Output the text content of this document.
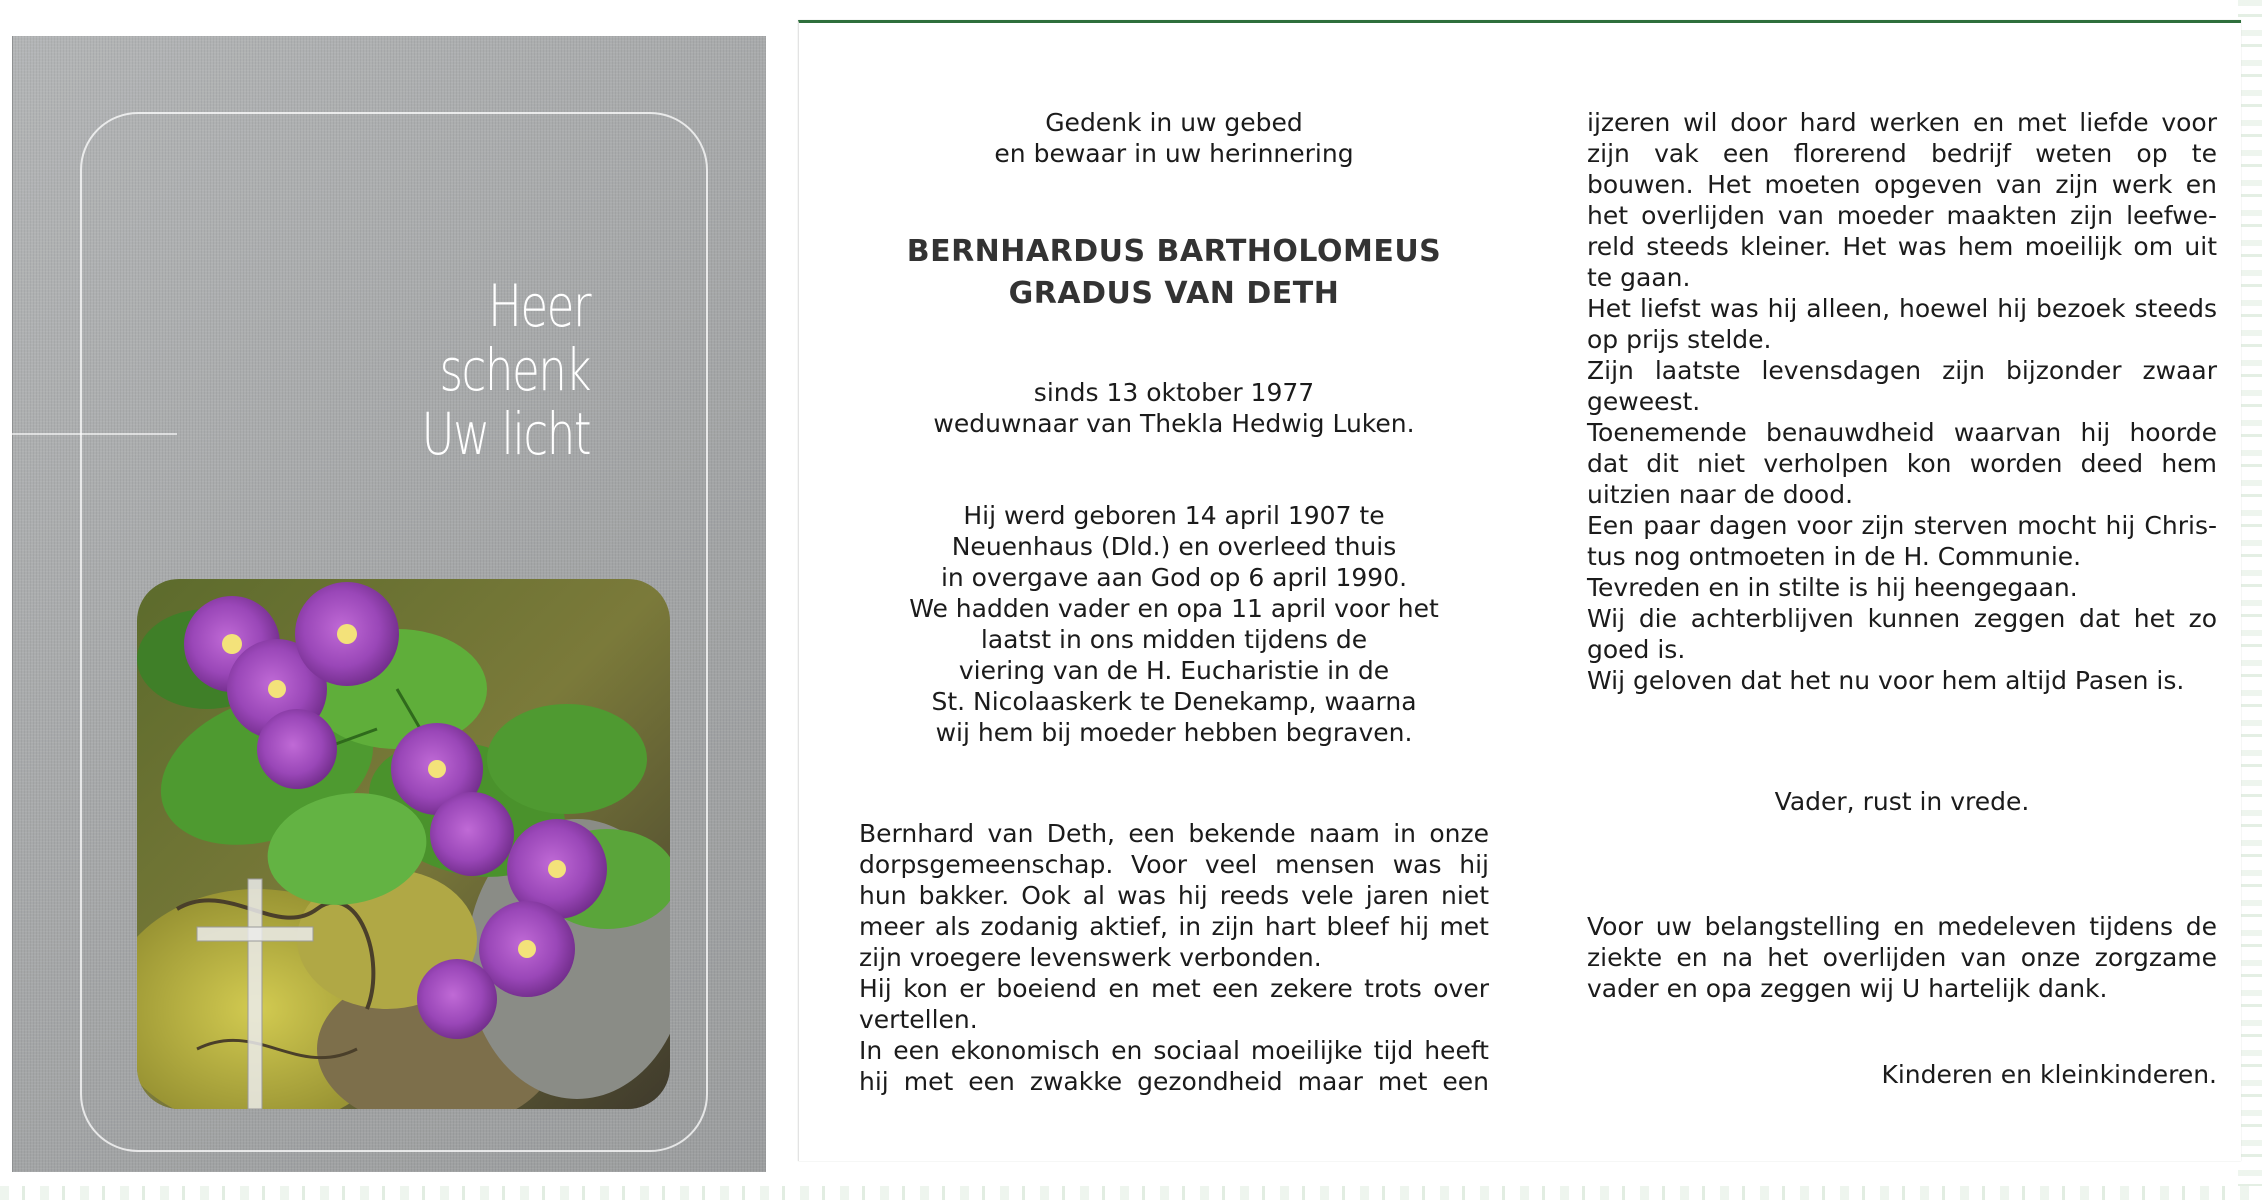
Heer
schenk
Uw licht
Gedenk in uw gebed
en bewaar in uw herinnering
BERNHARDUS BARTHOLOMEUS
GRADUS VAN DETH
sinds 13 oktober 1977
weduwnaar van Thekla Hedwig Luken.
Hij werd geboren 14 april 1907 te
Neuenhaus (Dld.) en overleed thuis
in overgave aan God op 6 april 1990.
We hadden vader en opa 11 april voor het
laatst in ons midden tijdens de
viering van de H. Eucharistie in de
St. Nicolaaskerk te Denekamp, waarna
wij hem bij moeder hebben begraven.
Bernhard van Deth, een bekende naam in onze
dorpsgemeenschap. Voor veel mensen was hij
hun bakker. Ook al was hij reeds vele jaren niet
meer als zodanig aktief, in zijn hart bleef hij met
zijn vroegere levenswerk verbonden.
Hij kon er boeiend en met een zekere trots over
vertellen.
In een ekonomisch en sociaal moeilijke tijd heeft
hij met een zwakke gezondheid maar met een
ijzeren wil door hard werken en met liefde voor
zijn vak een florerend bedrijf weten op te
bouwen. Het moeten opgeven van zijn werk en
het overlijden van moeder maakten zijn leefwe-
reld steeds kleiner. Het was hem moeilijk om uit
te gaan.
Het liefst was hij alleen, hoewel hij bezoek steeds
op prijs stelde.
Zijn laatste levensdagen zijn bijzonder zwaar
geweest.
Toenemende benauwdheid waarvan hij hoorde
dat dit niet verholpen kon worden deed hem
uitzien naar de dood.
Een paar dagen voor zijn sterven mocht hij Chris-
tus nog ontmoeten in de H. Communie.
Tevreden en in stilte is hij heengegaan.
Wij die achterblijven kunnen zeggen dat het zo
goed is.
Wij geloven dat het nu voor hem altijd Pasen is.
Vader, rust in vrede.
Voor uw belangstelling en medeleven tijdens de
ziekte en na het overlijden van onze zorgzame
vader en opa zeggen wij U hartelijk dank.
Kinderen en kleinkinderen.
